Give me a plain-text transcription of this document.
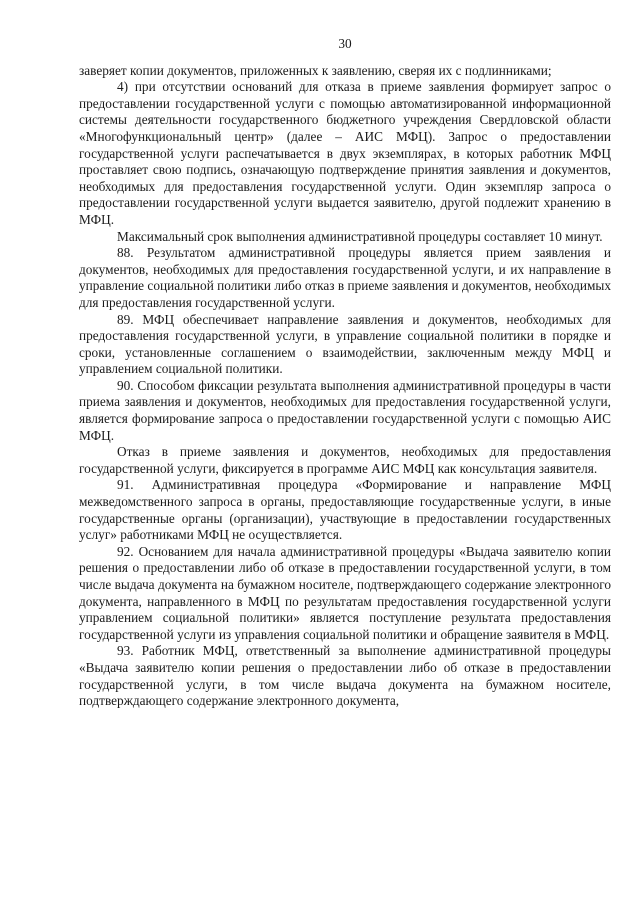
30

заверяет копии документов, приложенных к заявлению, сверяя их с подлинниками;

4) при отсутствии оснований для отказа в приеме заявления формирует запрос о предоставлении государственной услуги с помощью автоматизированной информационной системы деятельности государственного бюджетного учреждения Свердловской области «Многофункциональный центр» (далее – АИС МФЦ). Запрос о предоставлении государственной услуги распечатывается в двух экземплярах, в которых работник МФЦ проставляет свою подпись, означающую подтверждение принятия заявления и документов, необходимых для предоставления государственной услуги. Один экземпляр запроса о предоставлении государственной услуги выдается заявителю, другой подлежит хранению в МФЦ.

Максимальный срок выполнения административной процедуры составляет 10 минут.

88. Результатом административной процедуры является прием заявления и документов, необходимых для предоставления государственной услуги, и их направление в управление социальной политики либо отказ в приеме заявления и документов, необходимых для предоставления государственной услуги.

89. МФЦ обеспечивает направление заявления и документов, необходимых для предоставления государственной услуги, в управление социальной политики в порядке и сроки, установленные соглашением о взаимодействии, заключенным между МФЦ и управлением социальной политики.

90. Способом фиксации результата выполнения административной процедуры в части приема заявления и документов, необходимых для предоставления государственной услуги, является формирование запроса о предоставлении государственной услуги с помощью АИС МФЦ.

Отказ в приеме заявления и документов, необходимых для предоставления государственной услуги, фиксируется в программе АИС МФЦ как консультация заявителя.

91. Административная процедура «Формирование и направление МФЦ межведомственного запроса в органы, предоставляющие государственные услуги, в иные государственные органы (организации), участвующие в предоставлении государственных услуг» работниками МФЦ не осуществляется.

92. Основанием для начала административной процедуры «Выдача заявителю копии решения о предоставлении либо об отказе в предоставлении государственной услуги, в том числе выдача документа на бумажном носителе, подтверждающего содержание электронного документа, направленного в МФЦ по результатам предоставления государственной услуги управлением социальной политики» является поступление результата предоставления государственной услуги из управления социальной политики и обращение заявителя в МФЦ.

93. Работник МФЦ, ответственный за выполнение административной процедуры «Выдача заявителю копии решения о предоставлении либо об отказе в предоставлении государственной услуги, в том числе выдача документа на бумажном носителе, подтверждающего содержание электронного документа,
